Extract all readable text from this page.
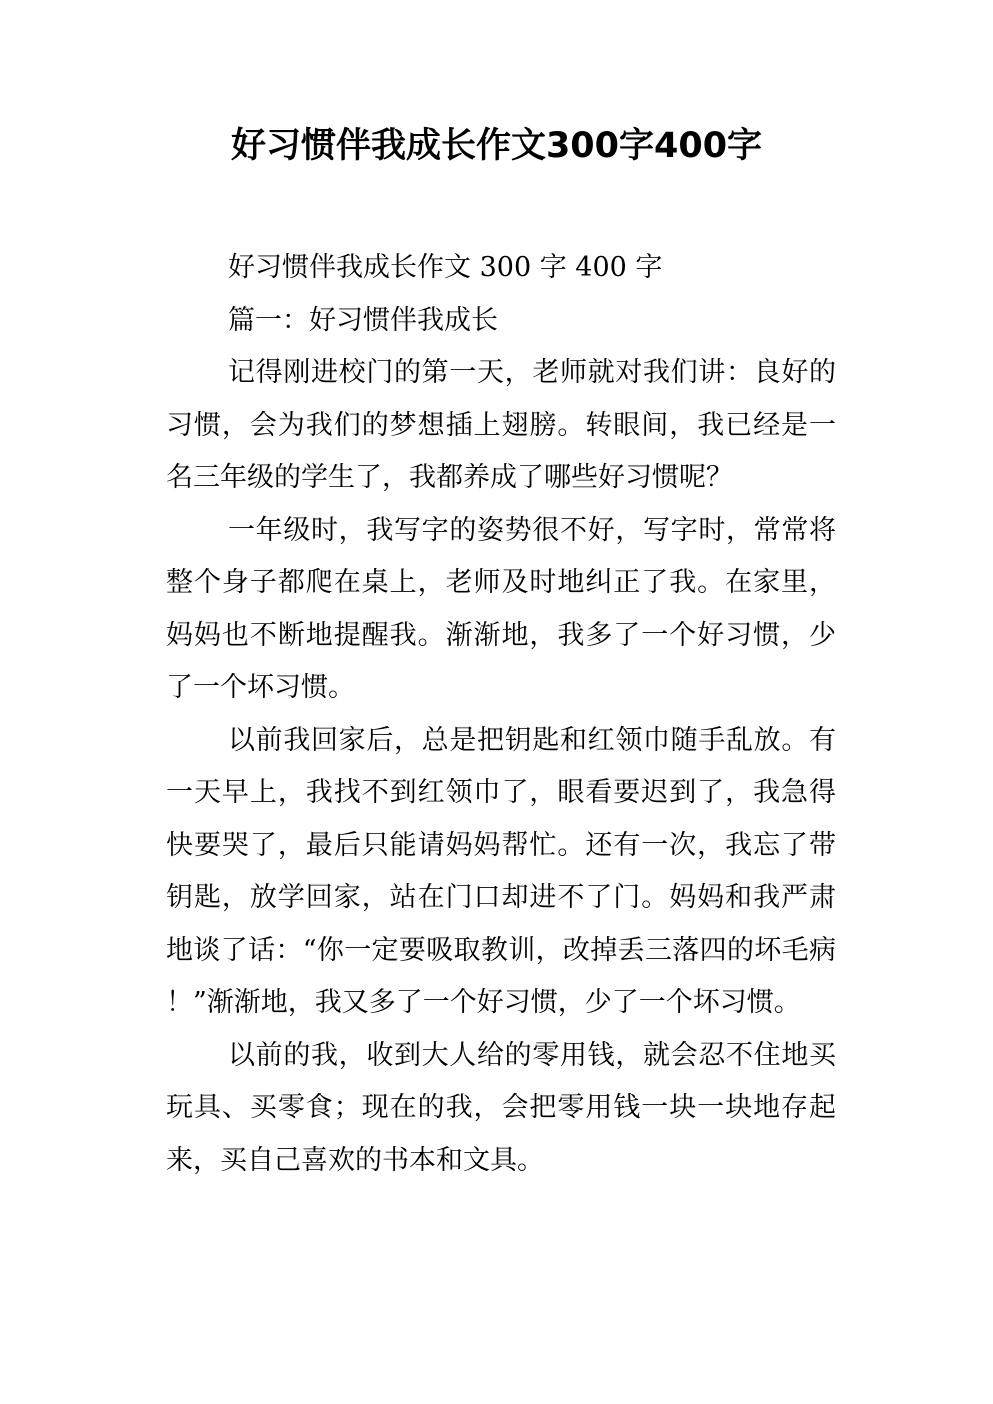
好习惯伴我成长作文300字400字

好习惯伴我成长作文 300 字 400 字

篇一：好习惯伴我成长

记得刚进校门的第一天，老师就对我们讲：良好的习惯，会为我们的梦想插上翅膀。转眼间，我已经是一名三年级的学生了，我都养成了哪些好习惯呢？

一年级时，我写字的姿势很不好，写字时，常常将整个身子都爬在桌上，老师及时地纠正了我。在家里，妈妈也不断地提醒我。渐渐地，我多了一个好习惯，少了一个坏习惯。

以前我回家后，总是把钥匙和红领巾随手乱放。有一天早上，我找不到红领巾了，眼看要迟到了，我急得快要哭了，最后只能请妈妈帮忙。还有一次，我忘了带钥匙，放学回家，站在门口却进不了门。妈妈和我严肃地谈了话：“你一定要吸取教训，改掉丢三落四的坏毛病！”渐渐地，我又多了一个好习惯，少了一个坏习惯。

以前的我，收到大人给的零用钱，就会忍不住地买玩具、买零食；现在的我，会把零用钱一块一块地存起来，买自己喜欢的书本和文具。
